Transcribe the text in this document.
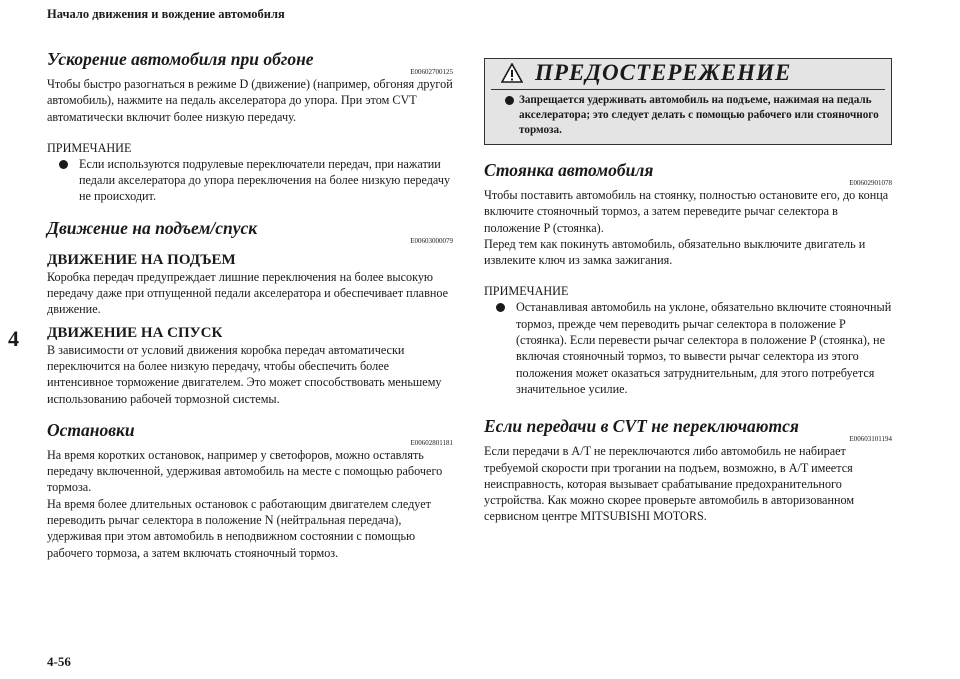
Начало движения и вождение автомобиля
4
Ускорение автомобиля при обгоне
E00602700125

Чтобы быстро разогнаться в режиме D (движение) (например, обгоняя другой автомобиль), нажмите на педаль акселератора до упора. При этом CVT автоматически включит более низкую передачу.

ПРИМЕЧАНИЕ
Если используются подрулевые переключатели передач, при нажатии педали акселератора до упора переключения на более низкую передачу не происходит.
Движение на подъем/спуск
E00603000079
ДВИЖЕНИЕ НА ПОДЪЕМ

Коробка передач предупреждает лишние переключения на более высокую передачу даже при отпущенной педали акселератора и обеспечивает плавное движение.

ДВИЖЕНИЕ НА СПУСК

В зависимости от условий движения коробка передач автоматически переключится на более низкую передачу, чтобы обеспечить более интенсивное торможение двигателем. Это может способствовать меньшему использованию рабочей тормозной системы.

Остановки
E00602801181

На время коротких остановок, например у светофоров, можно оставлять передачу включенной, удерживая автомобиль на месте с помощью рабочего тормоза.

На время более длительных остановок с работающим двигателем следует переводить рычаг селектора в положение N (нейтральная передача), удерживая при этом автомобиль в неподвижном состоянии с помощью рабочего тормоза, а затем включать стояночный тормоз.

ПРЕДОСТЕРЕЖЕНИЕ
Запрещается удерживать автомобиль на подъеме, нажимая на педаль акселератора; это следует делать с помощью рабочего или стояночного тормоза.
Стоянка автомобиля
E00602901078

Чтобы поставить автомобиль на стоянку, полностью остановите его, до конца включите стояночный тормоз, а затем переведите рычаг селектора в положение P (стоянка).

Перед тем как покинуть автомобиль, обязательно выключите двигатель и извлеките ключ из замка зажигания.

ПРИМЕЧАНИЕ
Останавливая автомобиль на уклоне, обязательно включите стояночный тормоз, прежде чем переводить рычаг селектора в положение P (стоянка). Если перевести рычаг селектора в положение P (стоянка), не включая стояночный тормоз, то вывести рычаг селектора из этого положения может оказаться затруднительным, для этого потребуется значительное усилие.
Если передачи в CVT не переключаются
E00603101194

Если передачи в A/T не переключаются либо автомобиль не набирает требуемой скорости при трогании на подъем, возможно, в A/T имеется неисправность, которая вызывает срабатывание предохранительного устройства. Как можно скорее проверьте автомобиль в авторизованном сервисном центре MITSUBISHI MOTORS.

4-56
